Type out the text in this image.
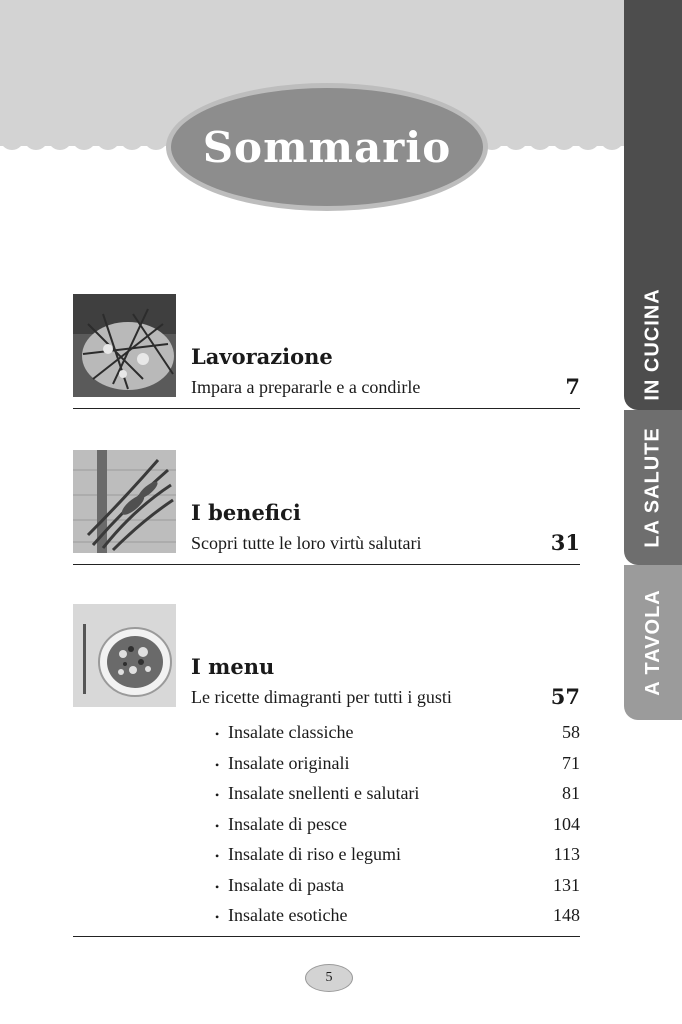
Sommario
IN CUCINA
LA SALUTE
A TAVOLA
Lavorazione
Impara a prepararle e a condirle	7
I benefici
Scopri tutte le loro virtù salutari	31
I menu
Le ricette dimagranti per tutti i gusti	57
• Insalate classiche	58
• Insalate originali	71
• Insalate snellenti e salutari	81
• Insalate di pesce	104
• Insalate di riso e legumi	113
• Insalate di pasta	131
• Insalate esotiche	148
5
